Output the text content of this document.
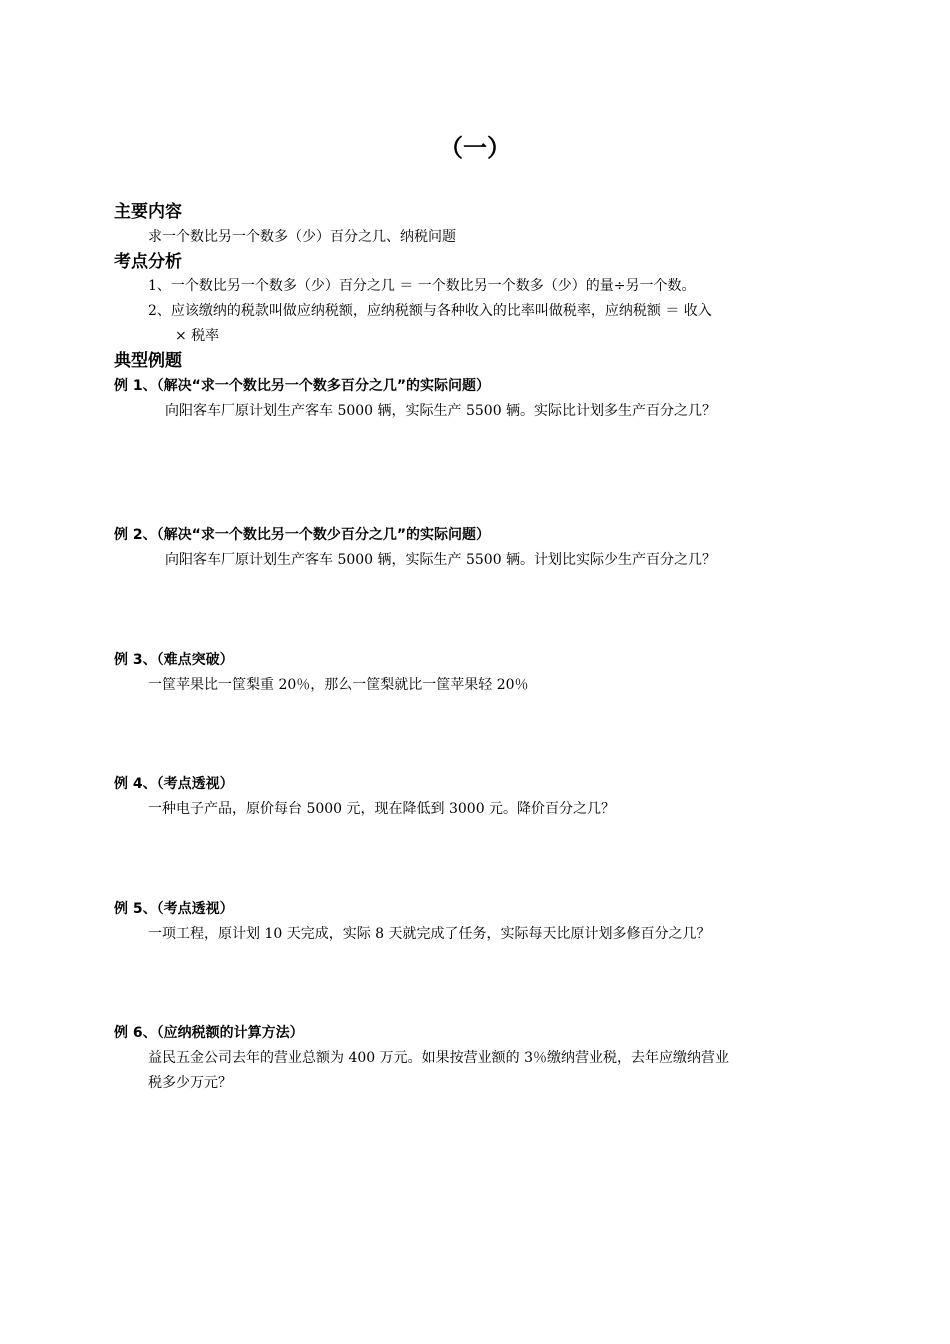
（一）
主要内容
求一个数比另一个数多（少）百分之几、纳税问题
考点分析
1、一个数比另一个数多（少）百分之几 ＝ 一个数比另一个数多（少）的量÷另一个数。
2、应该缴纳的税款叫做应纳税额，应纳税额与各种收入的比率叫做税率，应纳税额 ＝ 收入
× 税率
典型例题
例 1、（解决“求一个数比另一个数多百分之几”的实际问题）
向阳客车厂原计划生产客车 5000 辆，实际生产 5500 辆。实际比计划多生产百分之几？
例 2、（解决“求一个数比另一个数少百分之几”的实际问题）
向阳客车厂原计划生产客车 5000 辆，实际生产 5500 辆。计划比实际少生产百分之几？
例 3、（难点突破）
一筐苹果比一筐梨重 20％，那么一筐梨就比一筐苹果轻 20％
例 4、（考点透视）
一种电子产品，原价每台 5000 元，现在降低到 3000 元。降价百分之几？
例 5、（考点透视）
一项工程，原计划 10 天完成，实际 8 天就完成了任务，实际每天比原计划多修百分之几？
例 6、（应纳税额的计算方法）
益民五金公司去年的营业总额为 400 万元。如果按营业额的 3％缴纳营业税，去年应缴纳营业
税多少万元？
